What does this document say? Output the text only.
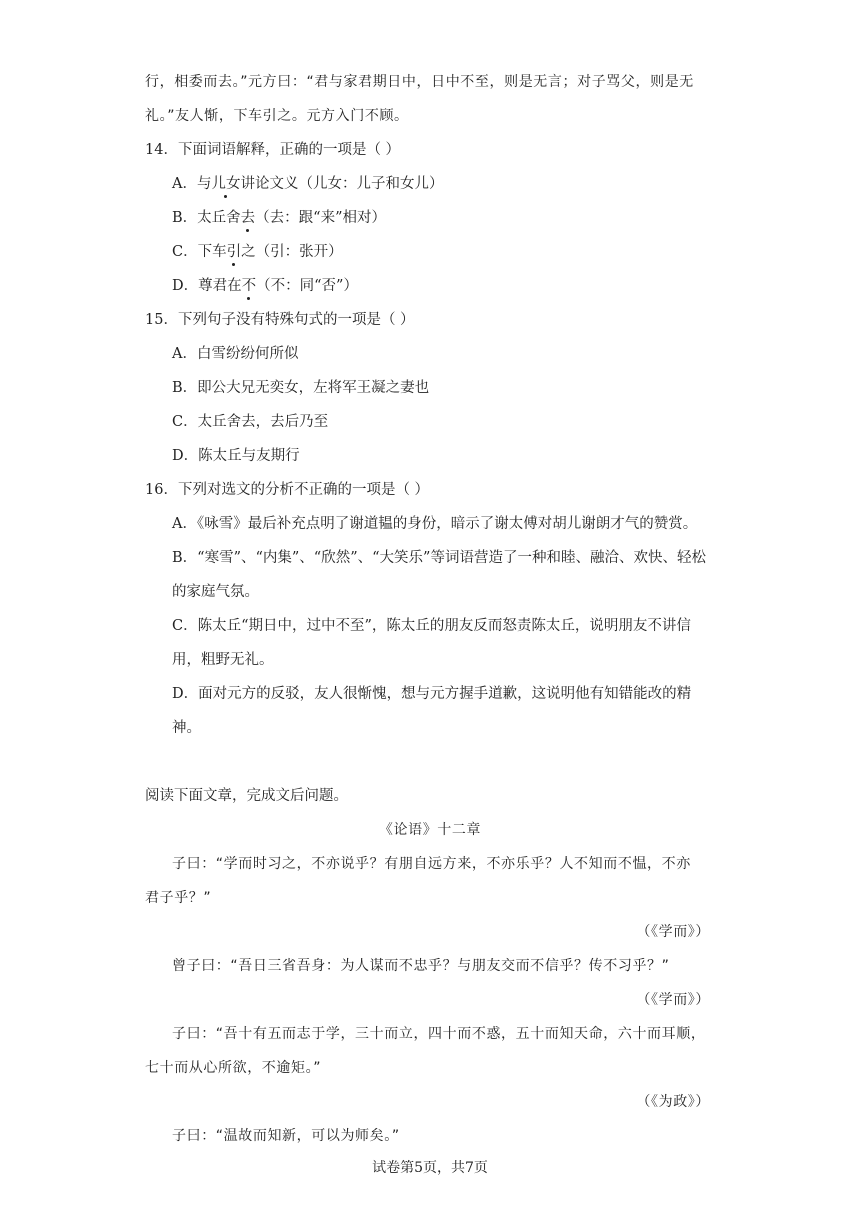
行，相委而去。”元方曰：“君与家君期日中，日中不至，则是无言；对子骂父，则是无
礼。”友人惭，下车引之。元方入门不顾。
14．下面词语解释，正确的一项是（ ）
A．与儿女讲论文义（儿女：儿子和女儿）
B．太丘舍去（去：跟“来”相对）
C．下车引之（引：张开）
D．尊君在不（不：同“否”）
15．下列句子没有特殊句式的一项是（ ）
A．白雪纷纷何所似
B．即公大兄无奕女，左将军王凝之妻也
C．太丘舍去，去后乃至
D．陈太丘与友期行
16．下列对选文的分析不正确的一项是（ ）
A．《咏雪》最后补充点明了谢道韫的身份，暗示了谢太傅对胡儿谢朗才气的赞赏。
B．“寒雪”、“内集”、“欣然”、“大笑乐”等词语营造了一种和睦、融洽、欢快、轻松
的家庭气氛。
C．陈太丘“期日中，过中不至”，陈太丘的朋友反而怒责陈太丘，说明朋友不讲信
用，粗野无礼。
D．面对元方的反驳，友人很惭愧，想与元方握手道歉，这说明他有知错能改的精
神。
阅读下面文章，完成文后问题。
《论语》十二章
子曰：“学而时习之，不亦说乎？有朋自远方来，不亦乐乎？人不知而不愠，不亦
君子乎？”
（《学而》）
曾子曰：“吾日三省吾身：为人谋而不忠乎？与朋友交而不信乎？传不习乎？”
（《学而》）
子曰：“吾十有五而志于学，三十而立，四十而不惑，五十而知天命，六十而耳顺，
七十而从心所欲，不逾矩。”
（《为政》）
子曰：“温故而知新，可以为师矣。”
试卷第5页，共7页
